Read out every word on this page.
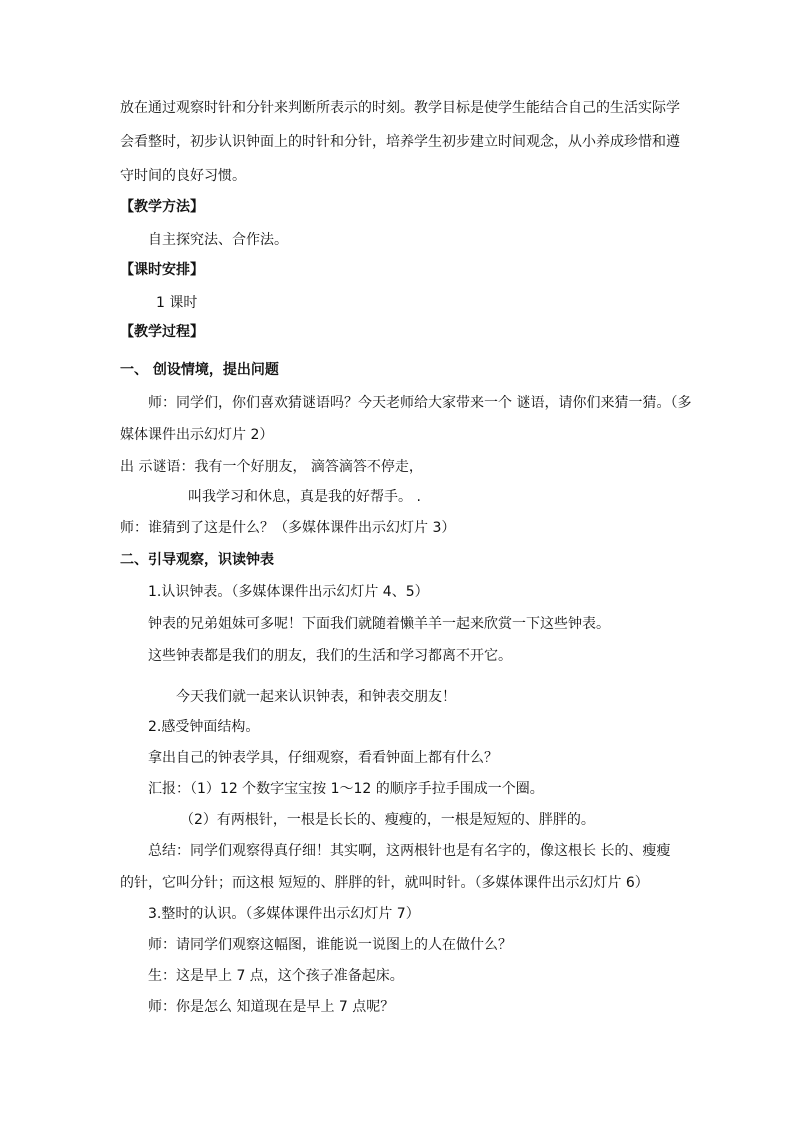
放在通过观察时针和分针来判断所表示的时刻。教学目标是使学生能结合自己的生活实际学
会看整时，初步认识钟面上的时针和分针，培养学生初步建立时间观念，从小养成珍惜和遵
守时间的良好习惯。
【教学方法】
自主探究法、合作法。
【课时安排】
1 课时
【教学过程】
一、 创设情境，提出问题
师：同学们，你们喜欢猜谜语吗？今天老师给大家带来一个 谜语，请你们来猜一猜。（多
媒体课件出示幻灯片 2）
出 示谜语：我有一个好朋友， 滴答滴答不停走，
叫我学习和休息，真是我的好帮手。 .
师：谁猜到了这是什么？（多媒体课件出示幻灯片 3）
二、引导观察，识读钟表
1.认识钟表。（多媒体课件出示幻灯片 4、5）
钟表的兄弟姐妹可多呢！下面我们就随着懒羊羊一起来欣赏一下这些钟表。
这些钟表都是我们的朋友，我们的生活和学习都离不开它。
今天我们就一起来认识钟表，和钟表交朋友！
2.感受钟面结构。
拿出自己的钟表学具，仔细观察，看看钟面上都有什么？
汇报：（1）12 个数字宝宝按 1～12 的顺序手拉手围成一个圈。
（2）有两根针，一根是长长的、瘦瘦的，一根是短短的、胖胖的。
总结：同学们观察得真仔细！其实啊，这两根针也是有名字的，像这根长 长的、瘦瘦
的针，它叫分针；而这根 短短的、胖胖的针，就叫时针。（多媒体课件出示幻灯片 6）
3.整时的认识。（多媒体课件出示幻灯片 7）
师：请同学们观察这幅图，谁能说一说图上的人在做什么？
生：这是早上 7 点，这个孩子准备起床。
师：你是怎么 知道现在是早上 7 点呢？
